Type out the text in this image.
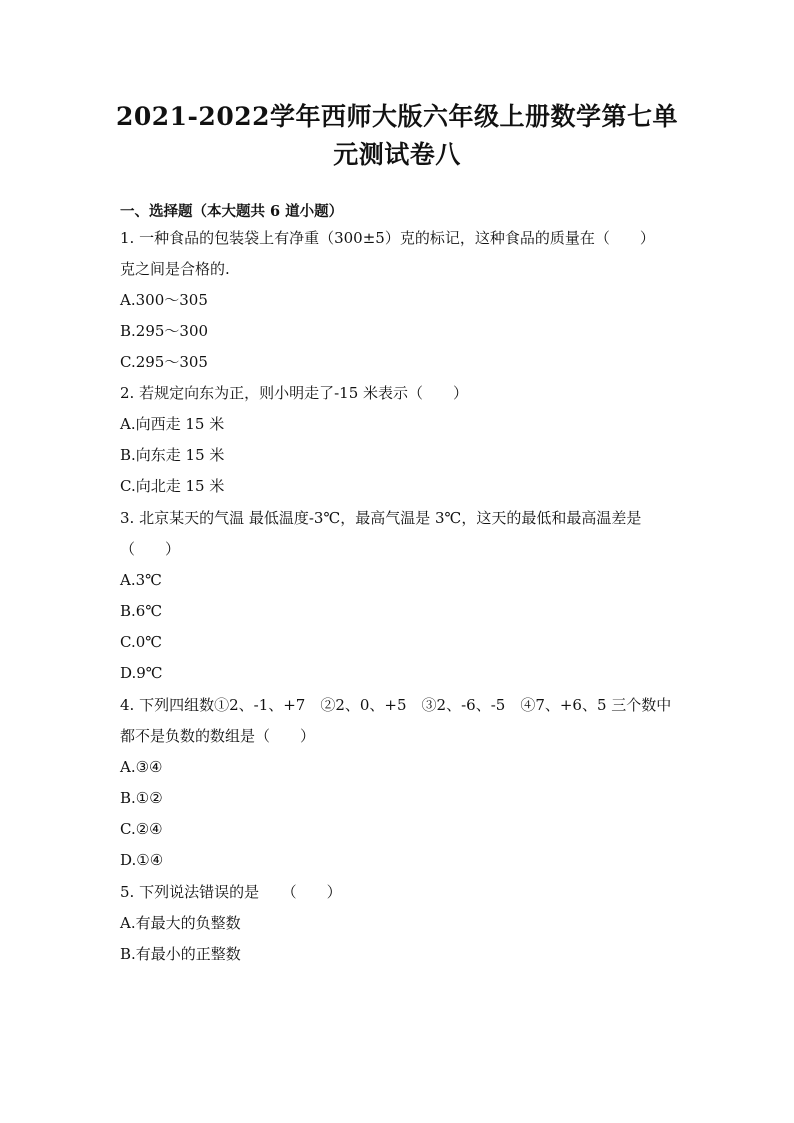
2021-2022学年西师大版六年级上册数学第七单
元测试卷八
一、选择题（本大题共 6 道小题）
1. 一种食品的包装袋上有净重（300±5）克的标记，这种食品的质量在（　　）
克之间是合格的.
A.300～305
B.295～300
C.295～305
2. 若规定向东为正，则小明走了-15 米表示（　　）
A.向西走 15 米
B.向东走 15 米
C.向北走 15 米
3. 北京某天的气温 最低温度-3℃，最高气温是 3℃，这天的最低和最高温差是
（　　）
A.3℃
B.6℃
C.0℃
D.9℃
4. 下列四组数①2、-1、+7　②2、0、+5　③2、-6、-5　④7、+6、5 三个数中
都不是负数的数组是（　　）
A.③④
B.①②
C.②④
D.①④
5. 下列说法错误的是　　（　　）
A.有最大的负整数
B.有最小的正整数
